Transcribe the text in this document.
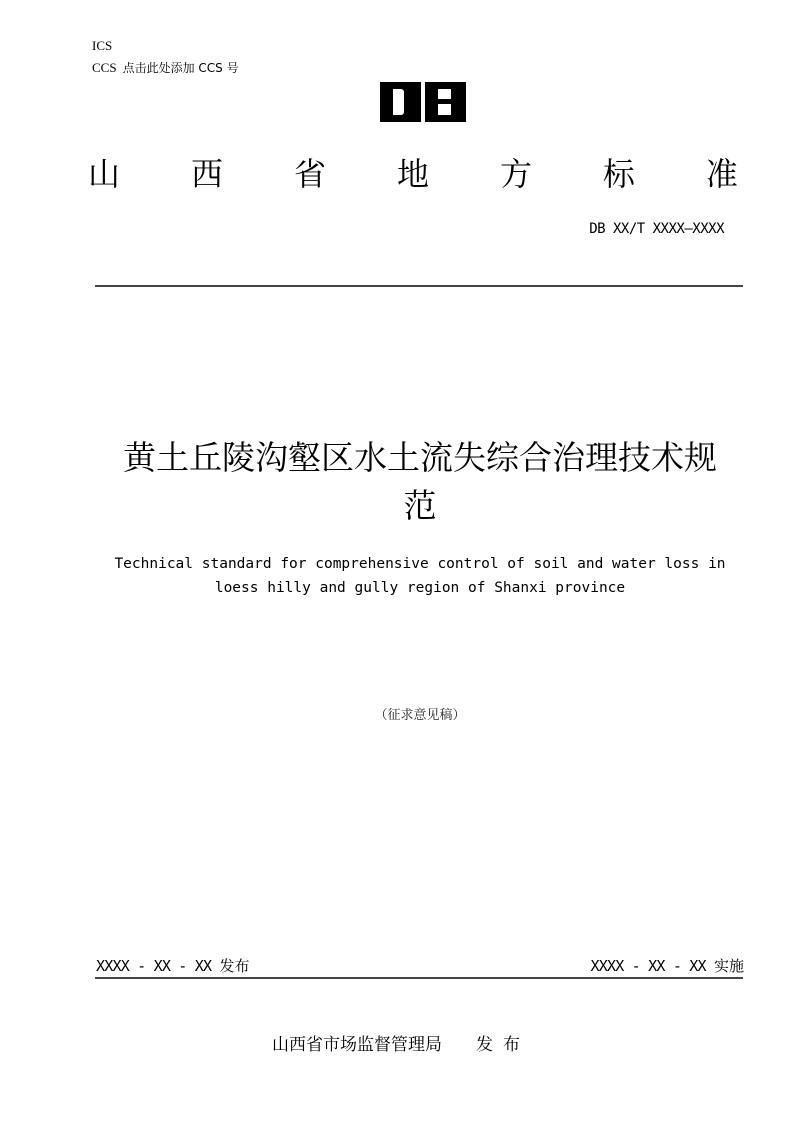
ICS
CCS 点击此处添加 CCS 号
山 西 省 地 方 标 准
DB XX/T XXXX—XXXX
黄土丘陵沟壑区水土流失综合治理技术规
范
Technical standard for comprehensive control of soil and water loss in
loess hilly and gully region of Shanxi province
（征求意见稿）
XXXX - XX - XX 发布	XXXX - XX - XX 实施
山西省市场监督管理局 发布
